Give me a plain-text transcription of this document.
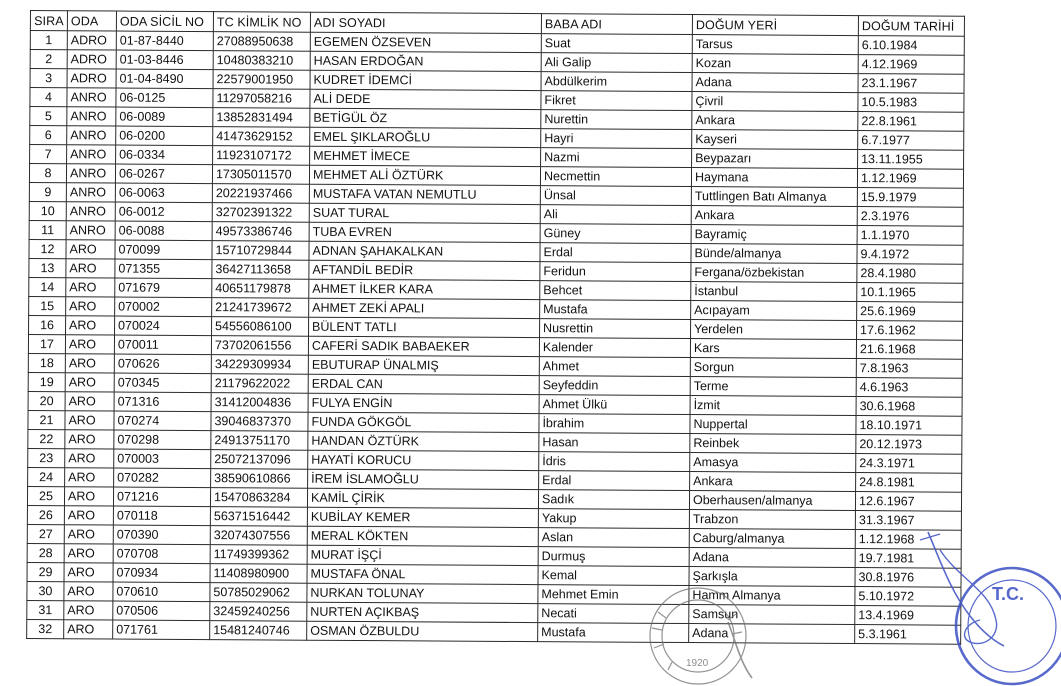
SIRA	ODA	ODA SİCİL NO	TC KİMLİK NO	ADI SOYADI	BABA ADI	DOĞUM YERİ	DOĞUM TARİHİ
1	ADRO	01-87-8440	27088950638	EGEMEN ÖZSEVEN	Suat	Tarsus	6.10.1984
2	ADRO	01-03-8446	10480383210	HASAN ERDOĞAN	Ali Galip	Kozan	4.12.1969
3	ADRO	01-04-8490	22579001950	KUDRET İDEMCİ	Abdülkerim	Adana	23.1.1967
4	ANRO	06-0125	11297058216	ALİ DEDE	Fikret	Çivril	10.5.1983
5	ANRO	06-0089	13852831494	BETİGÜL ÖZ	Nurettin	Ankara	22.8.1961
6	ANRO	06-0200	41473629152	EMEL ŞIKLAROĞLU	Hayri	Kayseri	6.7.1977
7	ANRO	06-0334	11923107172	MEHMET İMECE	Nazmi	Beypazarı	13.11.1955
8	ANRO	06-0267	17305011570	MEHMET ALİ ÖZTÜRK	Necmettin	Haymana	1.12.1969
9	ANRO	06-0063	20221937466	MUSTAFA VATAN NEMUTLU	Ünsal	Tuttlingen Batı Almanya	15.9.1979
10	ANRO	06-0012	32702391322	SUAT TURAL	Ali	Ankara	2.3.1976
11	ANRO	06-0088	49573386746	TUBA EVREN	Güney	Bayramiç	1.1.1970
12	ARO	070099	15710729844	ADNAN ŞAHAKALKAN	Erdal	Bünde/almanya	9.4.1972
13	ARO	071355	36427113658	AFTANDİL BEDİR	Feridun	Fergana/özbekistan	28.4.1980
14	ARO	071679	40651179878	AHMET İLKER KARA	Behcet	İstanbul	10.1.1965
15	ARO	070002	21241739672	AHMET ZEKİ APALI	Mustafa	Acıpayam	25.6.1969
16	ARO	070024	54556086100	BÜLENT TATLI	Nusrettin	Yerdelen	17.6.1962
17	ARO	070011	73702061556	CAFERİ SADIK BABAEKER	Kalender	Kars	21.6.1968
18	ARO	070626	34229309934	EBUTURAP ÜNALMIŞ	Ahmet	Sorgun	7.8.1963
19	ARO	070345	21179622022	ERDAL CAN	Seyfeddin	Terme	4.6.1963
20	ARO	071316	31412004836	FULYA ENGİN	Ahmet Ülkü	İzmit	30.6.1968
21	ARO	070274	39046837370	FUNDA GÖKGÖL	İbrahim	Nuppertal	18.10.1971
22	ARO	070298	24913751170	HANDAN ÖZTÜRK	Hasan	Reinbek	20.12.1973
23	ARO	070003	25072137096	HAYATİ KORUCU	İdris	Amasya	24.3.1971
24	ARO	070282	38590610866	İREM İSLAMOĞLU	Erdal	Ankara	24.8.1981
25	ARO	071216	15470863284	KAMİL ÇİRİK	Sadık	Oberhausen/almanya	12.6.1967
26	ARO	070118	56371516442	KUBİLAY KEMER	Yakup	Trabzon	31.3.1967
27	ARO	070390	32074307556	MERAL KÖKTEN	Aslan	Caburg/almanya	1.12.1968
28	ARO	070708	11749399362	MURAT İŞÇİ	Durmuş	Adana	19.7.1981
29	ARO	070934	11408980900	MUSTAFA ÖNAL	Kemal	Şarkışla	30.8.1976
30	ARO	070610	50785029062	NURKAN TOLUNAY	Mehmet Emin	Hamm Almanya	5.10.1972
31	ARO	070506	32459240256	NURTEN AÇIKBAŞ	Necati	Samsun	13.4.1969
32	ARO	071761	15481240746	OSMAN ÖZBULDU	Mustafa	Adana	5.3.1961
1920
T.C.
